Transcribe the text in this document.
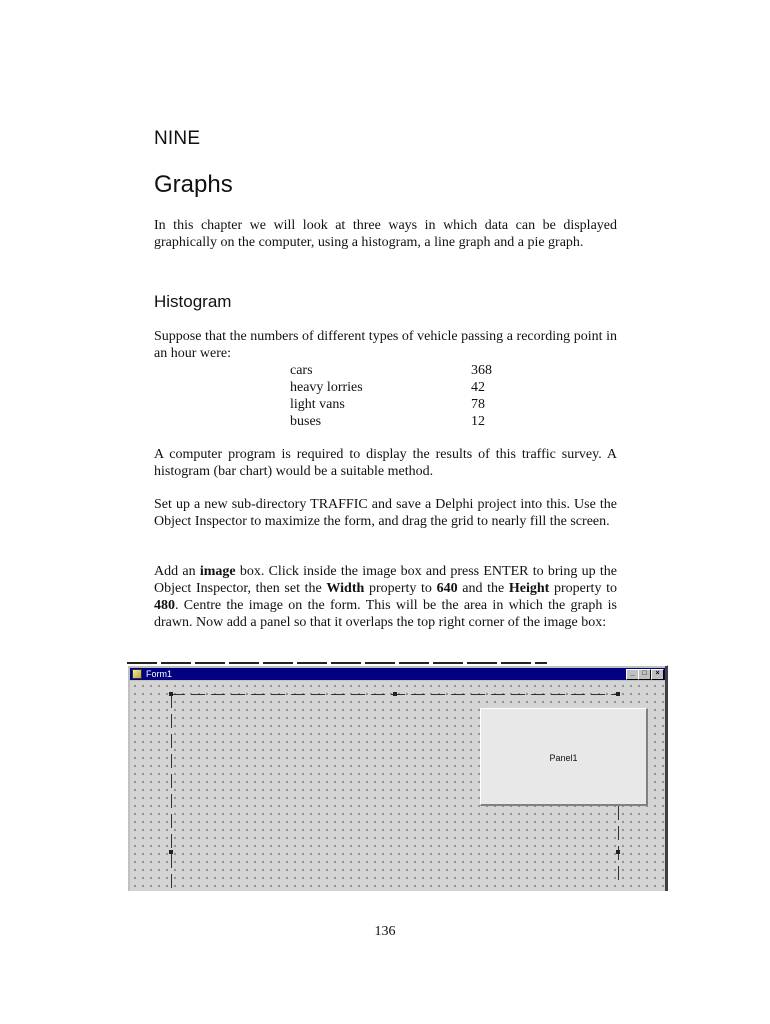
NINE
Graphs

In this chapter we will look at three ways in which data can be displayed graphically on the computer, using a histogram, a line graph and a pie graph.

Histogram

Suppose that the numbers of different types of vehicle passing a recording point in an hour were:

cars	368
heavy lorries	42
light vans	78
buses	12

A computer program is required to display the results of this traffic survey. A histogram (bar chart) would be a suitable method.

Set up a new sub-directory TRAFFIC and save a Delphi project into this. Use the Object Inspector to maximize the form, and drag the grid to nearly fill the screen.

Add an image box. Click inside the image box and press ENTER to bring up the Object Inspector, then set the Width property to 640 and the Height property to 480. Centre the image on the form. This will be the area in which the graph is drawn. Now add a panel so that it overlaps the top right corner of the image box:

Form1	_	□	×
Panel1
136
